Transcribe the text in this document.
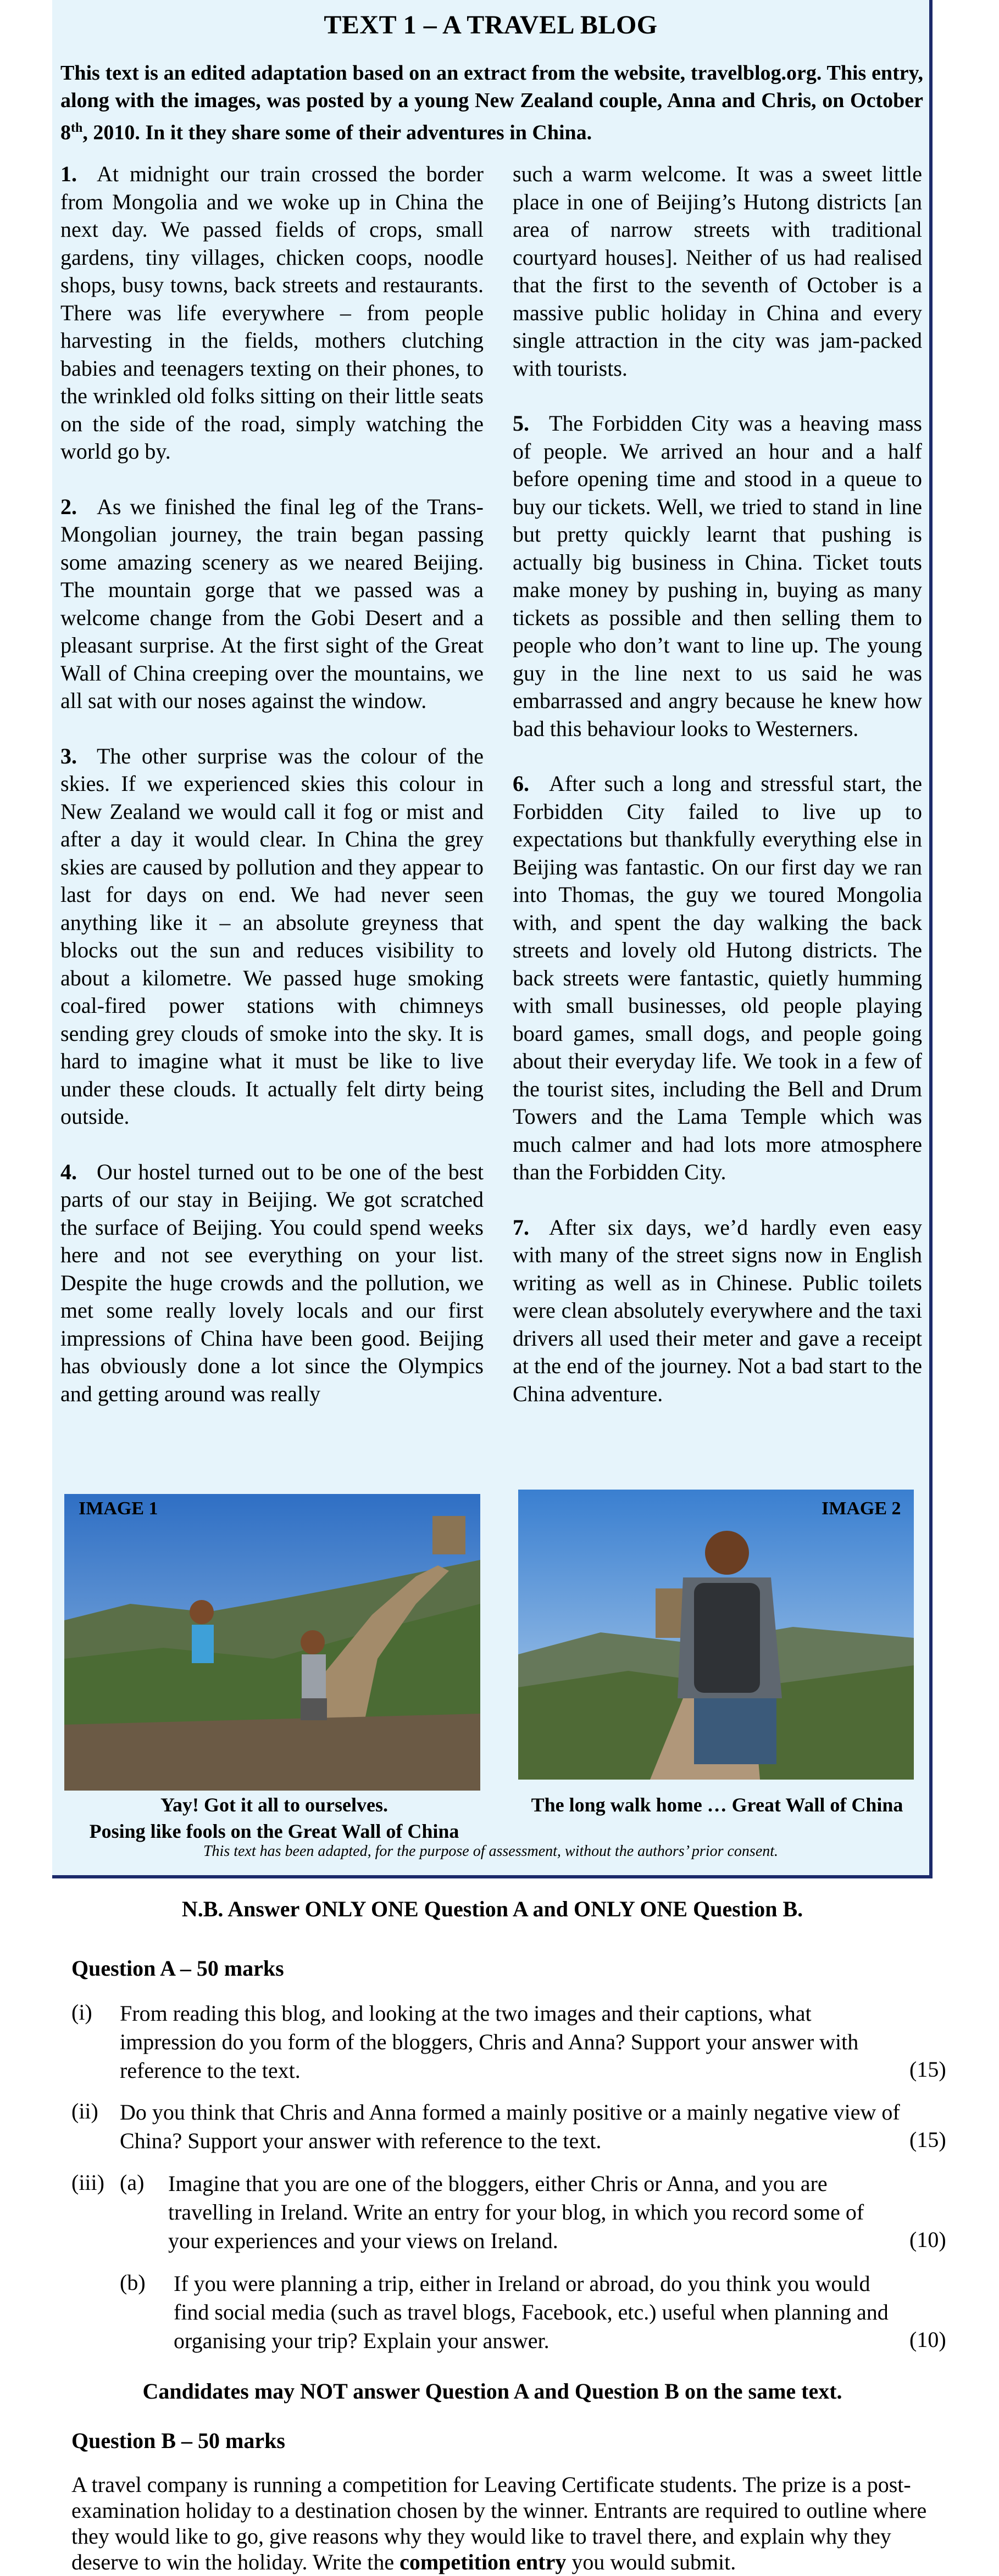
TEXT 1 – A TRAVEL BLOG
This text is an edited adaptation based on an extract from the website, travelblog.org. This entry, along with the images, was posted by a young New Zealand couple, Anna and Chris, on October 8th, 2010. In it they share some of their adventures in China.

1. At midnight our train crossed the border from Mongolia and we woke up in China the next day. We passed fields of crops, small gardens, tiny villages, chicken coops, noodle shops, busy towns, back streets and restaurants. There was life everywhere – from people harvesting in the fields, mothers clutching babies and teenagers texting on their phones, to the wrinkled old folks sitting on their little seats on the side of the road, simply watching the world go by.

2. As we finished the final leg of the Trans-Mongolian journey, the train began passing some amazing scenery as we neared Beijing. The mountain gorge that we passed was a welcome change from the Gobi Desert and a pleasant surprise. At the first sight of the Great Wall of China creeping over the mountains, we all sat with our noses against the window.

3. The other surprise was the colour of the skies. If we experienced skies this colour in New Zealand we would call it fog or mist and after a day it would clear. In China the grey skies are caused by pollution and they appear to last for days on end. We had never seen anything like it – an absolute greyness that blocks out the sun and reduces visibility to about a kilometre. We passed huge smoking coal-fired power stations with chimneys sending grey clouds of smoke into the sky. It is hard to imagine what it must be like to live under these clouds. It actually felt dirty being outside.

4. Our hostel turned out to be one of the best parts of our stay in Beijing. We got scratched the surface of Beijing. You could spend weeks here and not see everything on your list. Despite the huge crowds and the pollution, we met some really lovely locals and our first impressions of China have been good. Beijing has obviously done a lot since the Olympics and getting around was really

such a warm welcome. It was a sweet little place in one of Beijing’s Hutong districts [an area of narrow streets with traditional courtyard houses]. Neither of us had realised that the first to the seventh of October is a massive public holiday in China and every single attraction in the city was jam-packed with tourists.

5. The Forbidden City was a heaving mass of people. We arrived an hour and a half before opening time and stood in a queue to buy our tickets. Well, we tried to stand in line but pretty quickly learnt that pushing is actually big business in China. Ticket touts make money by pushing in, buying as many tickets as possible and then selling them to people who don’t want to line up. The young guy in the line next to us said he was embarrassed and angry because he knew how bad this behaviour looks to Westerners.

6. After such a long and stressful start, the Forbidden City failed to live up to expectations but thankfully everything else in Beijing was fantastic. On our first day we ran into Thomas, the guy we toured Mongolia with, and spent the day walking the back streets and lovely old Hutong districts. The back streets were fantastic, quietly humming with small businesses, old people playing board games, small dogs, and people going about their everyday life. We took in a few of the tourist sites, including the Bell and Drum Towers and the Lama Temple which was much calmer and had lots more atmosphere than the Forbidden City.

7. After six days, we’d hardly even easy with many of the street signs now in English writing as well as in Chinese. Public toilets were clean absolutely everywhere and the taxi drivers all used their meter and gave a receipt at the end of the journey. Not a bad start to the China adventure.

IMAGE 1	IMAGE 2
Yay! Got it all to ourselves.
Posing like fools on the Great Wall of China
The long walk home … Great Wall of China
This text has been adapted, for the purpose of assessment, without the authors’ prior consent.
N.B. Answer ONLY ONE Question A and ONLY ONE Question B.
Question A – 50 marks
(i) From reading this blog, and looking at the two images and their captions, what impression do you form of the bloggers, Chris and Anna? Support your answer with reference to the text.	(15)
(ii) Do you think that Chris and Anna formed a mainly positive or a mainly negative view of China? Support your answer with reference to the text.	(15)
(iii) (a) Imagine that you are one of the bloggers, either Chris or Anna, and you are travelling in Ireland. Write an entry for your blog, in which you record some of your experiences and your views on Ireland.	(10)
(b) If you were planning a trip, either in Ireland or abroad, do you think you would find social media (such as travel blogs, Facebook, etc.) useful when planning and organising your trip? Explain your answer.	(10)
Candidates may NOT answer Question A and Question B on the same text.
Question B – 50 marks
A travel company is running a competition for Leaving Certificate students. The prize is a post-examination holiday to a destination chosen by the winner. Entrants are required to outline where they would like to go, give reasons why they would like to travel there, and explain why they deserve to win the holiday. Write the competition entry you would submit.
